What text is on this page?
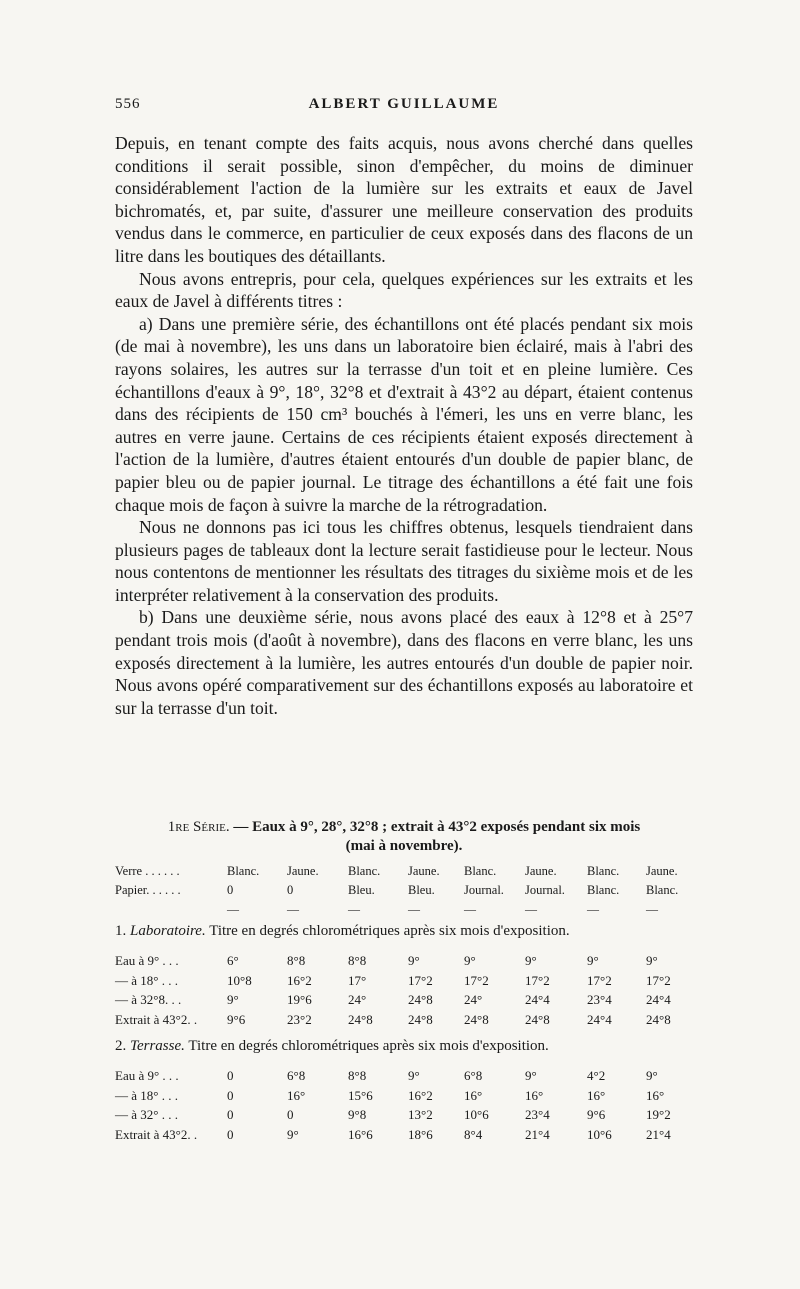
556	ALBERT GUILLAUME

Depuis, en tenant compte des faits acquis, nous avons cherché dans quelles conditions il serait possible, sinon d'empêcher, du moins de diminuer considérablement l'action de la lumière sur les extraits et eaux de Javel bichromatés, et, par suite, d'assurer une meilleure conservation des produits vendus dans le commerce, en particulier de ceux exposés dans des flacons de un litre dans les boutiques des détaillants.

Nous avons entrepris, pour cela, quelques expériences sur les extraits et les eaux de Javel à différents titres :

a) Dans une première série, des échantillons ont été placés pendant six mois (de mai à novembre), les uns dans un laboratoire bien éclairé, mais à l'abri des rayons solaires, les autres sur la terrasse d'un toit et en pleine lumière. Ces échantillons d'eaux à 9°, 18°, 32°8 et d'extrait à 43°2 au départ, étaient contenus dans des récipients de 150 cm³ bouchés à l'émeri, les uns en verre blanc, les autres en verre jaune. Certains de ces récipients étaient exposés directement à l'action de la lumière, d'autres étaient entourés d'un double de papier blanc, de papier bleu ou de papier journal. Le titrage des échantillons a été fait une fois chaque mois de façon à suivre la marche de la rétrogradation.

Nous ne donnons pas ici tous les chiffres obtenus, lesquels tiendraient dans plusieurs pages de tableaux dont la lecture serait fastidieuse pour le lecteur. Nous nous contentons de mentionner les résultats des titrages du sixième mois et de les interpréter relativement à la conservation des produits.

b) Dans une deuxième série, nous avons placé des eaux à 12°8 et à 25°7 pendant trois mois (d'août à novembre), dans des flacons en verre blanc, les uns exposés directement à la lumière, les autres entourés d'un double de papier noir. Nous avons opéré comparativement sur des échantillons exposés au laboratoire et sur la terrasse d'un toit.

1re Série. — Eaux à 9°, 28°, 32°8 ; extrait à 43°2 exposés pendant six mois
(mai à novembre).
Verre . . . . . .	Blanc. Jaune. Blanc. Jaune. Blanc. Jaune. Blanc. Jaune.
Papier. . . . . .	0	0	Bleu.	Bleu. Journal. Journal. Blanc. Blanc.
—	—	—	—	—	—	—	—
1. Laboratoire. Titre en degrés chlorométriques après six mois d'exposition.
Eau à 9° . . .	6°	8°8	8°8	9°	9°	9°	9°	9°
— à 18° . . .	10°8	16°2	17°	17°2 17°2	17°2	17°2	17°2
— à 32°8. . .	9°	19°6	24°	24°8 24°	24°4	23°4	24°4
Extrait à 43°2. . 9°6	23°2	24°8	24°8 24°8	24°8	24°4	24°8
2. Terrasse. Titre en degrés chlorométriques après six mois d'exposition.
Eau à 9° . . .	0	6°8	8°8	9°	6°8	9°	4°2	9°
— à 18° . . .	0	16°	15°6	16°2 16°	16°	16°	16°
— à 32° . . .	0	0	9°8	13°2 10°6	23°4	9°6	19°2
Extrait à 43°2. . 0	9°	16°6	18°6 8°4	21°4	10°6	21°4
